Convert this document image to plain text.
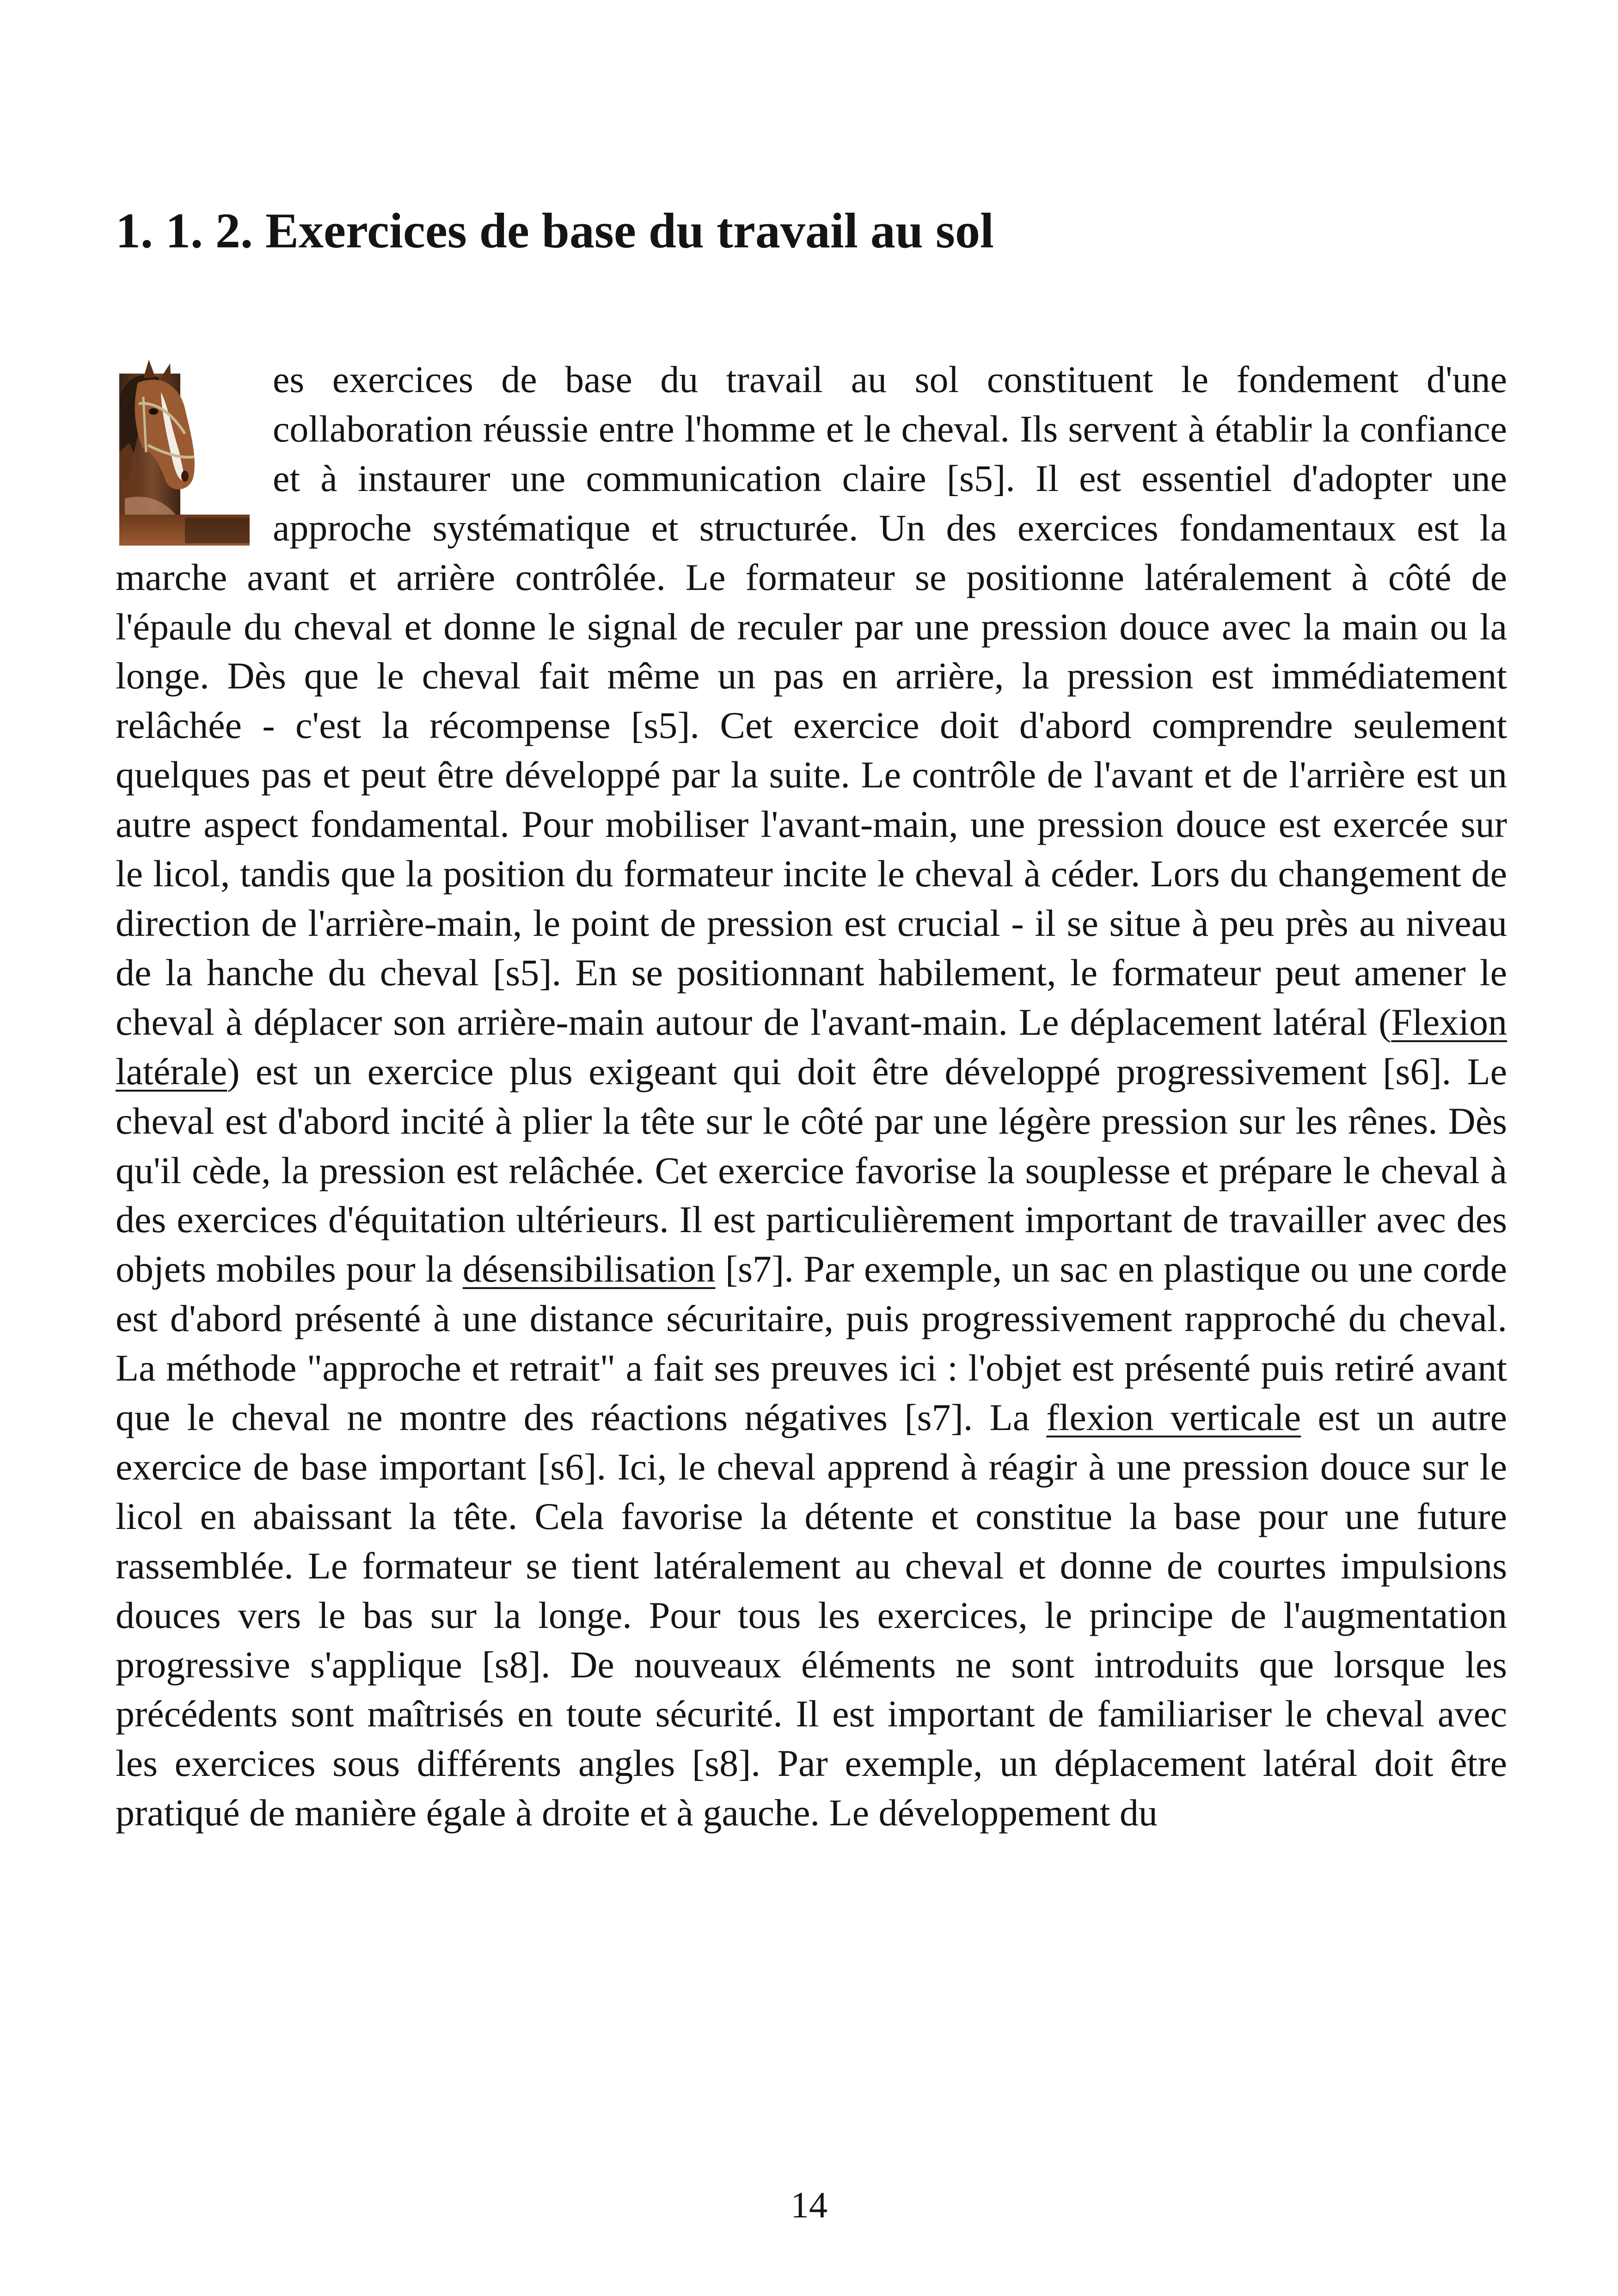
1. 1. 2. Exercices de base du travail au sol
es exercices de base du travail au sol constituent le fondement d'une collaboration réussie entre l'homme et le cheval. Ils servent à établir la confiance et à instaurer une communication claire [s5]. Il est essentiel d'adopter une approche systématique et structurée. Un des exercices fondamentaux est la marche avant et arrière contrôlée. Le formateur se positionne latéralement à côté de l'épaule du cheval et donne le signal de reculer par une pression douce avec la main ou la longe. Dès que le cheval fait même un pas en arrière, la pression est immédiatement relâchée - c'est la récompense [s5]. Cet exercice doit d'abord comprendre seulement quelques pas et peut être développé par la suite. Le contrôle de l'avant et de l'arrière est un autre aspect fondamental. Pour mobiliser l'avant-main, une pression douce est exercée sur le licol, tandis que la position du formateur incite le cheval à céder. Lors du changement de direction de l'arrière-main, le point de pression est crucial - il se situe à peu près au niveau de la hanche du cheval [s5]. En se positionnant habilement, le formateur peut amener le cheval à déplacer son arrière-main autour de l'avant-main. Le déplacement latéral (Flexion latérale) est un exercice plus exigeant qui doit être développé progressivement [s6]. Le cheval est d'abord incité à plier la tête sur le côté par une légère pression sur les rênes. Dès qu'il cède, la pression est relâchée. Cet exercice favorise la souplesse et prépare le cheval à des exercices d'équitation ultérieurs. Il est particulièrement important de travailler avec des objets mobiles pour la désensibilisation [s7]. Par exemple, un sac en plastique ou une corde est d'abord présenté à une distance sécuritaire, puis progressivement rapproché du cheval. La méthode "approche et retrait" a fait ses preuves ici : l'objet est présenté puis retiré avant que le cheval ne montre des réactions négatives [s7]. La flexion verticale est un autre exercice de base important [s6]. Ici, le cheval apprend à réagir à une pression douce sur le licol en abaissant la tête. Cela favorise la détente et constitue la base pour une future rassemblée. Le formateur se tient latéralement au cheval et donne de courtes impulsions douces vers le bas sur la longe. Pour tous les exercices, le principe de l'augmentation progressive s'applique [s8]. De nouveaux éléments ne sont introduits que lorsque les précédents sont maîtrisés en toute sécurité. Il est important de familiariser le cheval avec les exercices sous différents angles [s8]. Par exemple, un déplacement latéral doit être pratiqué de manière égale à droite et à gauche. Le développement du
14
